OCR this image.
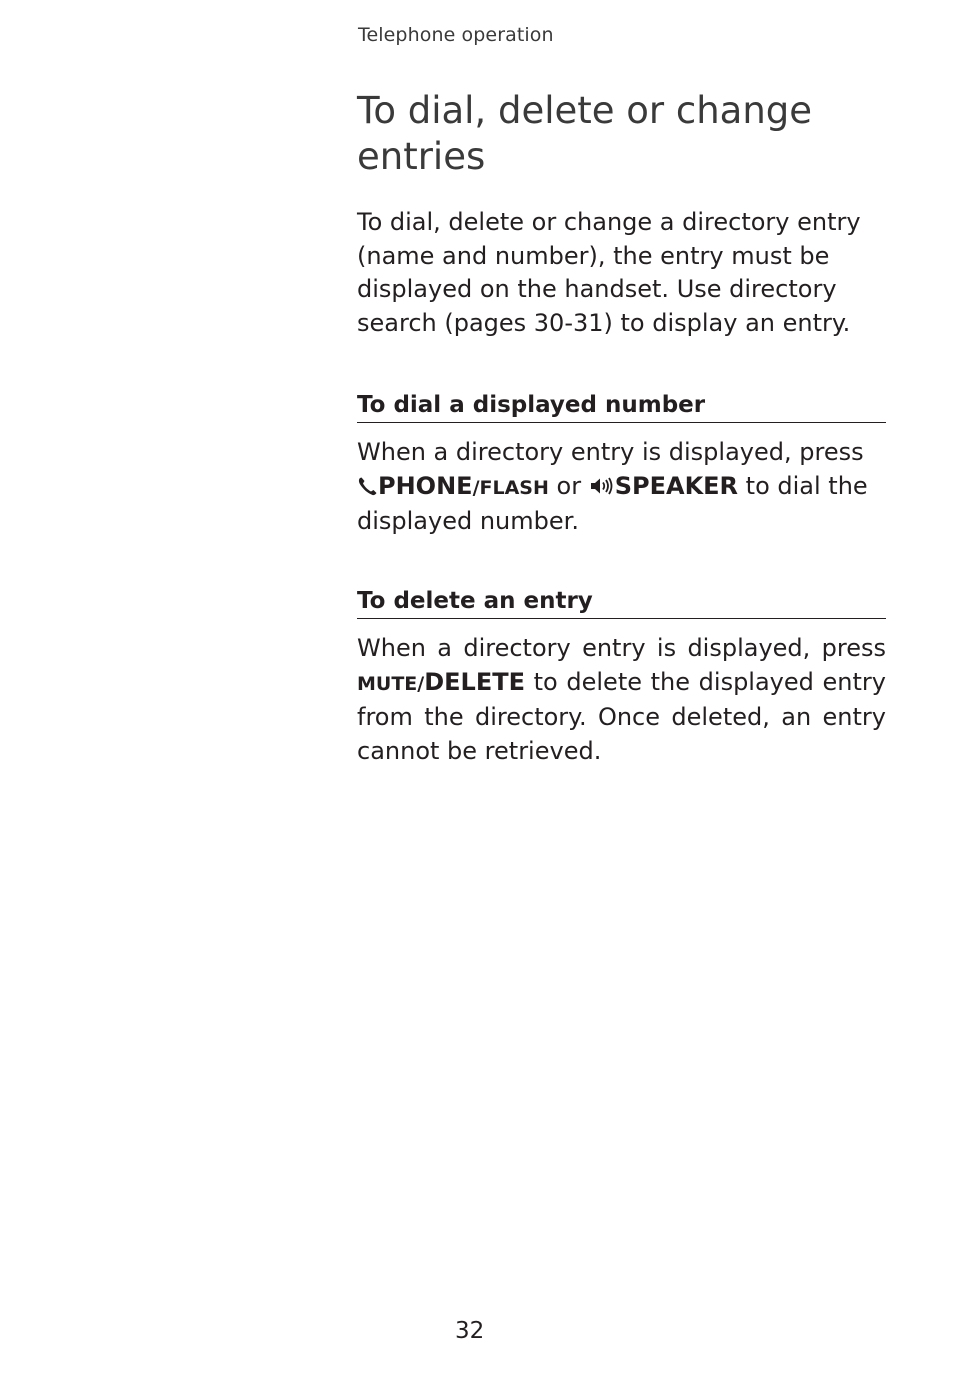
Telephone operation
To dial, delete or change entries

To dial, delete or change a directory entry (name and number), the entry must be displayed on the handset. Use directory search (pages 30-31) to display an entry.

To dial a displayed number

When a directory entry is displayed, press PHONE/FLASH or SPEAKER to dial the displayed number.

To delete an entry

When a directory entry is displayed, press
MUTE/DELETE to delete the displayed entry
from the directory. Once deleted, an entry
cannot be retrieved.

32
